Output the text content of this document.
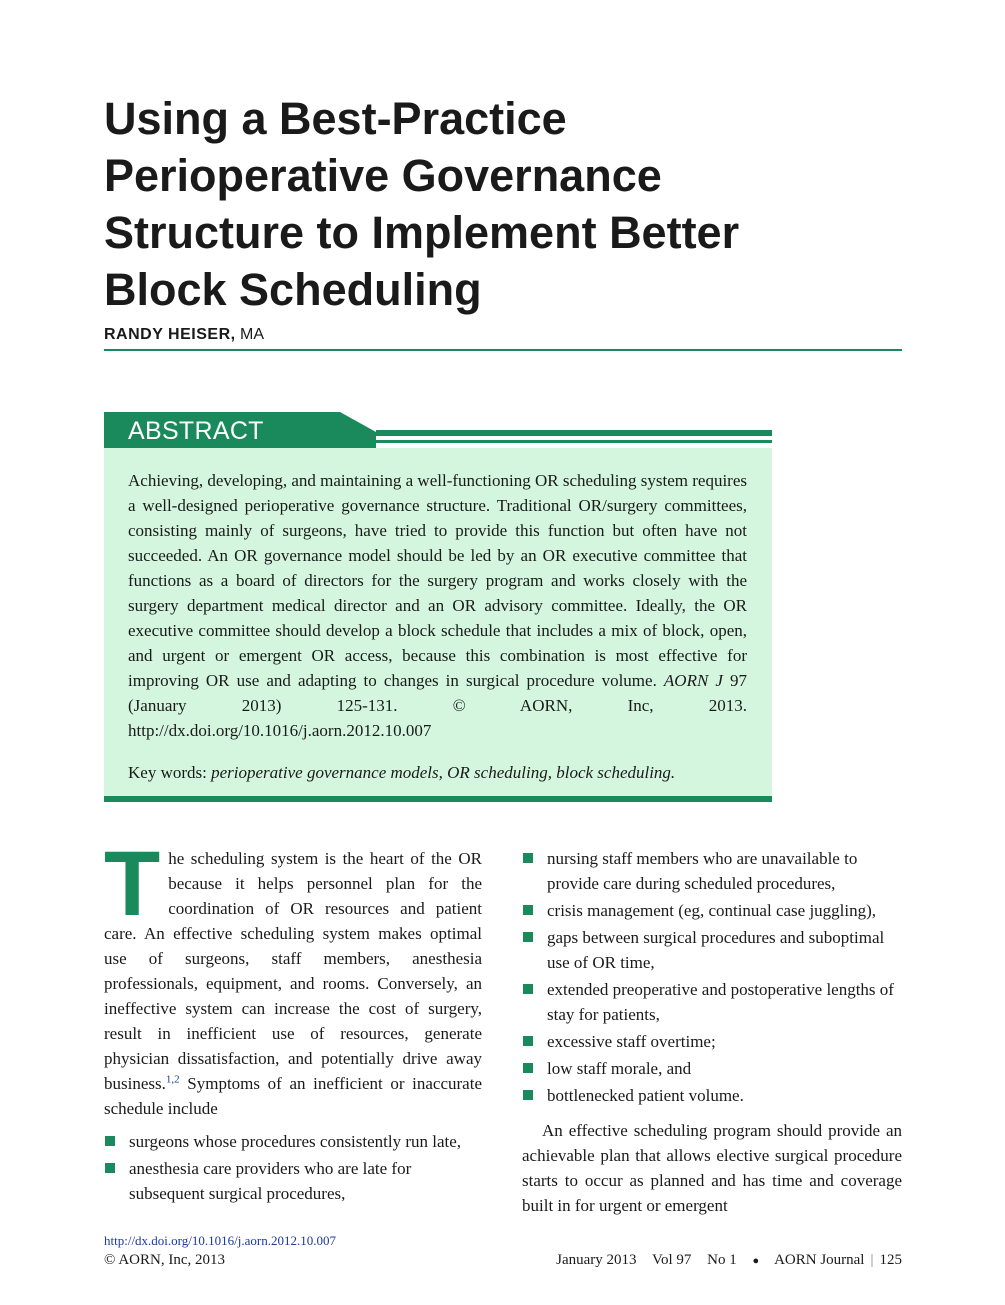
Using a Best-Practice
Perioperative Governance
Structure to Implement Better
Block Scheduling
RANDY HEISER, MA
ABSTRACT

Achieving, developing, and maintaining a well-functioning OR scheduling system requires a well-designed perioperative governance structure. Traditional OR/surgery committees, consisting mainly of surgeons, have tried to provide this function but often have not succeeded. An OR governance model should be led by an OR executive committee that functions as a board of directors for the surgery program and works closely with the surgery department medical director and an OR advisory committee. Ideally, the OR executive committee should develop a block schedule that includes a mix of block, open, and urgent or emergent OR access, because this combination is most effective for improving OR use and adapting to changes in surgical procedure volume. AORN J 97 (January 2013) 125-131. © AORN, Inc, 2013. http://dx.doi.org/10.1016/j.aorn.2012.10.007

Key words: perioperative governance models, OR scheduling, block scheduling.

The scheduling system is the heart of the OR because it helps personnel plan for the coordination of OR resources and patient care. An effective scheduling system makes optimal use of surgeons, staff members, anesthesia professionals, equipment, and rooms. Conversely, an ineffective system can increase the cost of surgery, result in inefficient use of resources, generate physician dissatisfaction, and potentially drive away business.$^{1,2}$ Symptoms of an inefficient or inaccurate schedule include

surgeons whose procedures consistently run late,
anesthesia care providers who are late for subsequent surgical procedures,
nursing staff members who are unavailable to provide care during scheduled procedures,
crisis management (eg, continual case juggling),
gaps between surgical procedures and suboptimal use of OR time,
extended preoperative and postoperative lengths of stay for patients,
excessive staff overtime;
low staff morale, and
bottlenecked patient volume.

An effective scheduling program should provide an achievable plan that allows elective surgical procedure starts to occur as planned and has time and coverage built in for urgent or emergent

http://dx.doi.org/10.1016/j.aorn.2012.10.007
© AORN, Inc, 2013	January 2013 Vol 97 No 1 ● AORN Journal | 125
